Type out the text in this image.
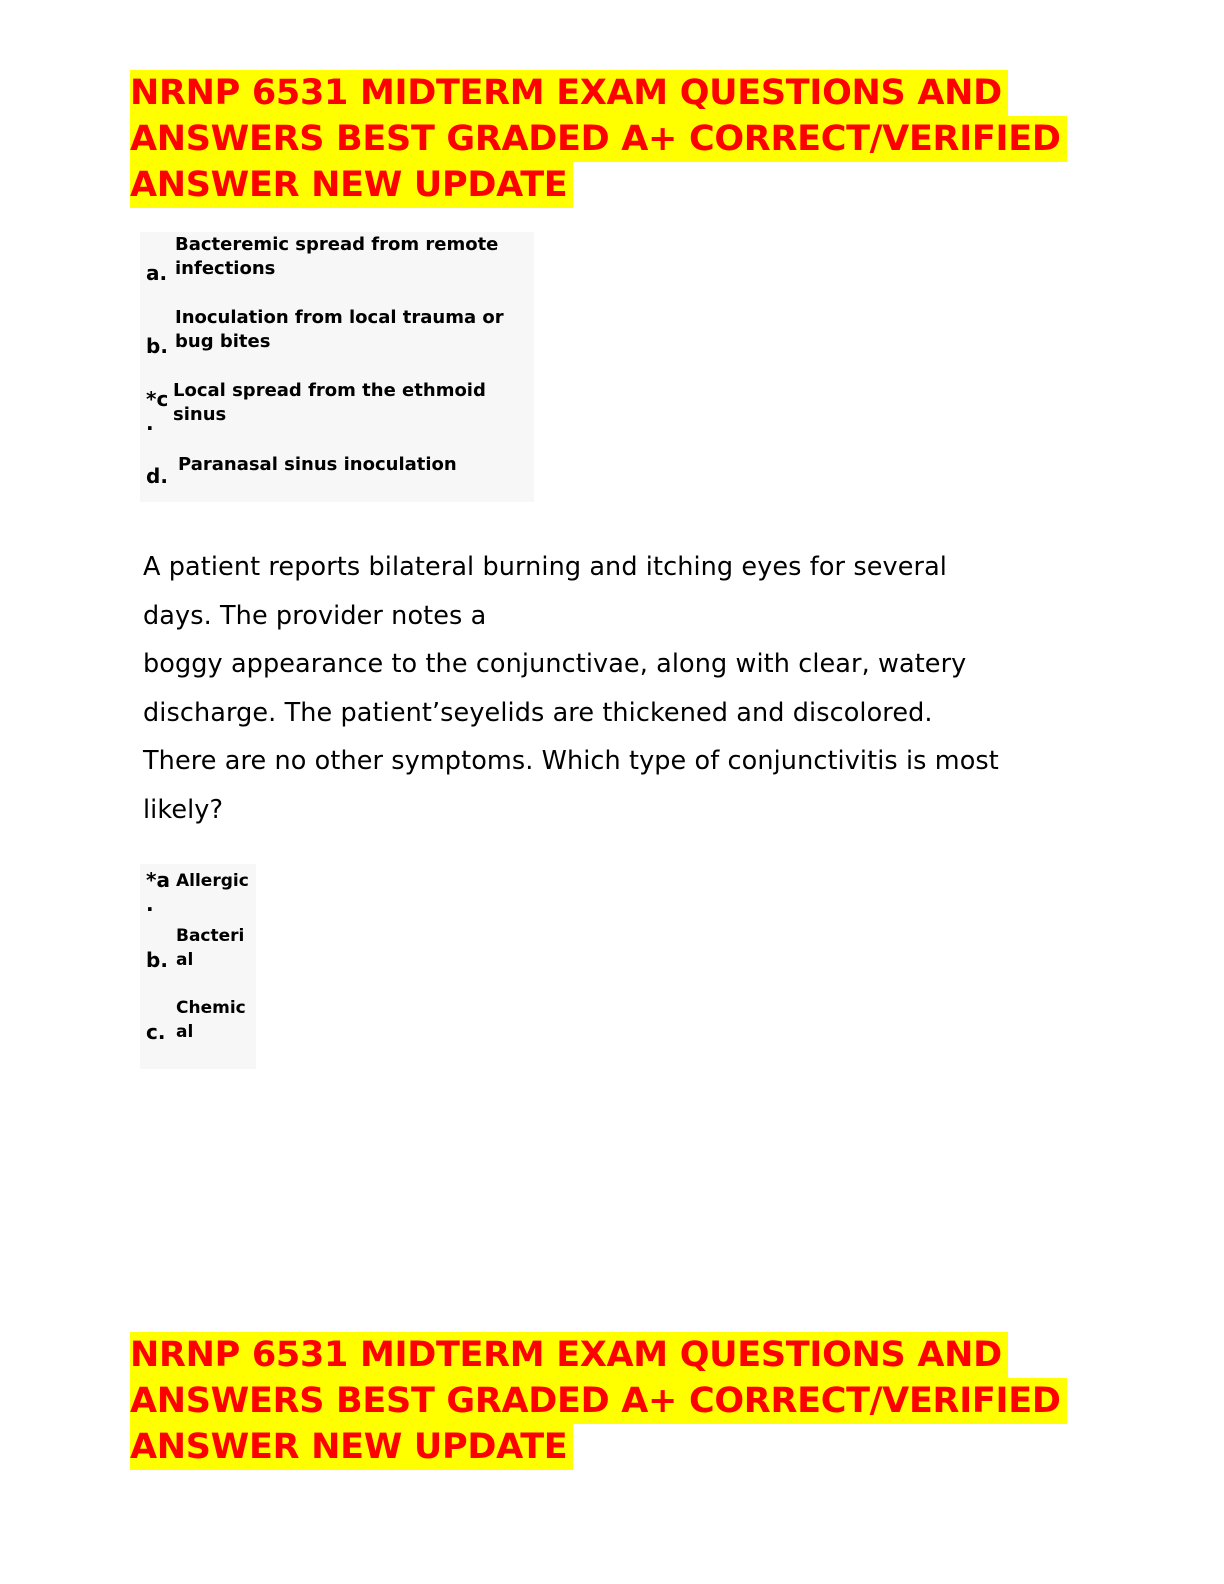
NRNP 6531 MIDTERM EXAM QUESTIONS AND
ANSWERS BEST GRADED A+ CORRECT/VERIFIED
ANSWER NEW UPDATE
a.
Bacteremic spread from remote
infections
b.
Inoculation from local trauma or
bug bites
*c
.
Local spread from the ethmoid
sinus
d. Paranasal sinus inoculation
A patient reports bilateral burning and itching eyes for several
days. The provider notes a
boggy appearance to the conjunctivae, along with clear, watery
discharge. The patient’seyelids are thickened and discolored.
There are no other symptoms. Which type of conjunctivitis is most
likely?
*a
.
Allergic
b.
Bacteri
al
c.
Chemic
al
NRNP 6531 MIDTERM EXAM QUESTIONS AND
ANSWERS BEST GRADED A+ CORRECT/VERIFIED
ANSWER NEW UPDATE
